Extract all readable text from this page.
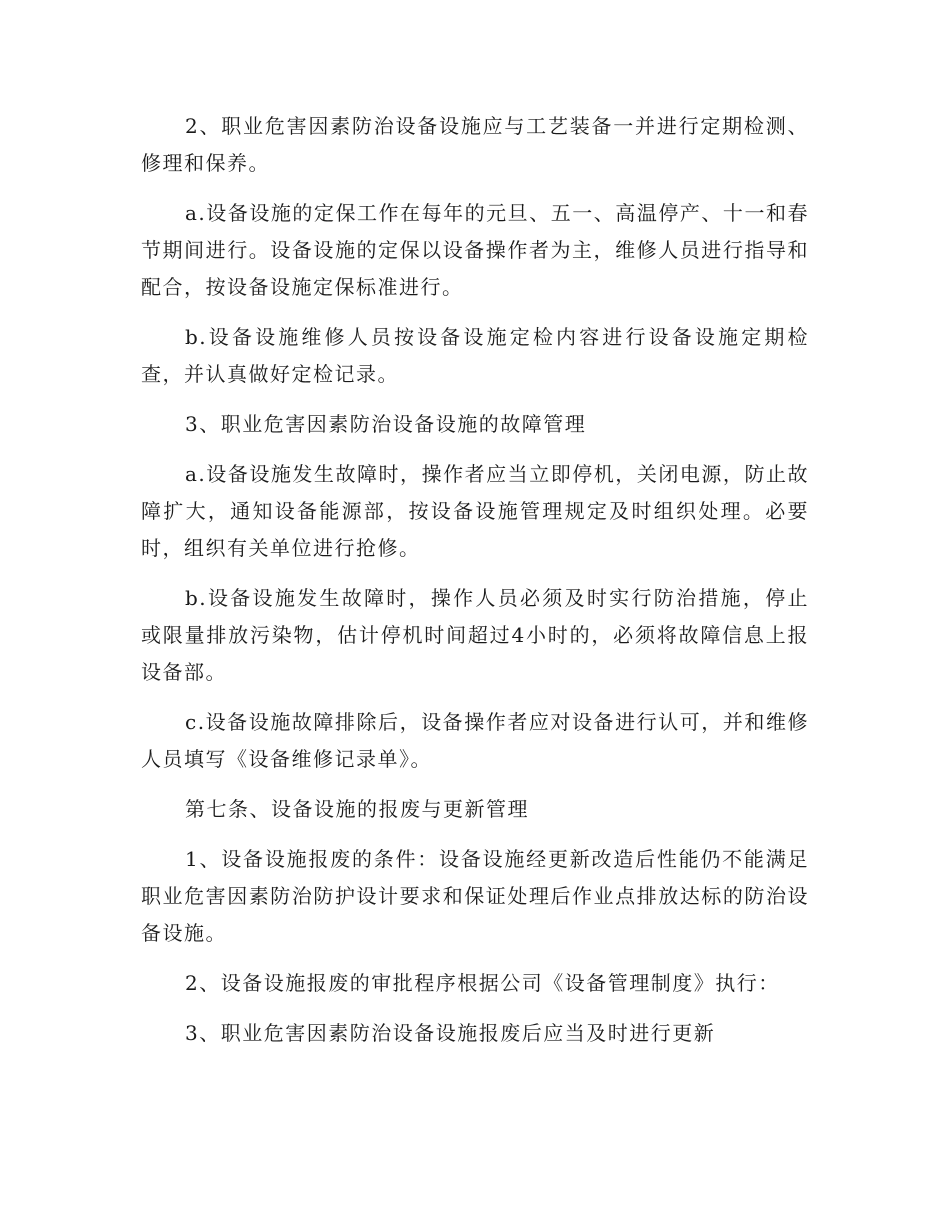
2、职业危害因素防治设备设施应与工艺装备一并进行定期检测、修理和保养。

a.设备设施的定保工作在每年的元旦、五一、高温停产、十一和春节期间进行。设备设施的定保以设备操作者为主，维修人员进行指导和配合，按设备设施定保标准进行。

b.设备设施维修人员按设备设施定检内容进行设备设施定期检查，并认真做好定检记录。

3、职业危害因素防治设备设施的故障管理

a.设备设施发生故障时，操作者应当立即停机，关闭电源，防止故障扩大，通知设备能源部，按设备设施管理规定及时组织处理。必要时，组织有关单位进行抢修。

b.设备设施发生故障时，操作人员必须及时实行防治措施，停止或限量排放污染物，估计停机时间超过4小时的，必须将故障信息上报设备部。

c.设备设施故障排除后，设备操作者应对设备进行认可，并和维修人员填写《设备维修记录单》。

第七条、设备设施的报废与更新管理

1、设备设施报废的条件：设备设施经更新改造后性能仍不能满足职业危害因素防治防护设计要求和保证处理后作业点排放达标的防治设备设施。

2、设备设施报废的审批程序根据公司《设备管理制度》执行：

3、职业危害因素防治设备设施报废后应当及时进行更新
